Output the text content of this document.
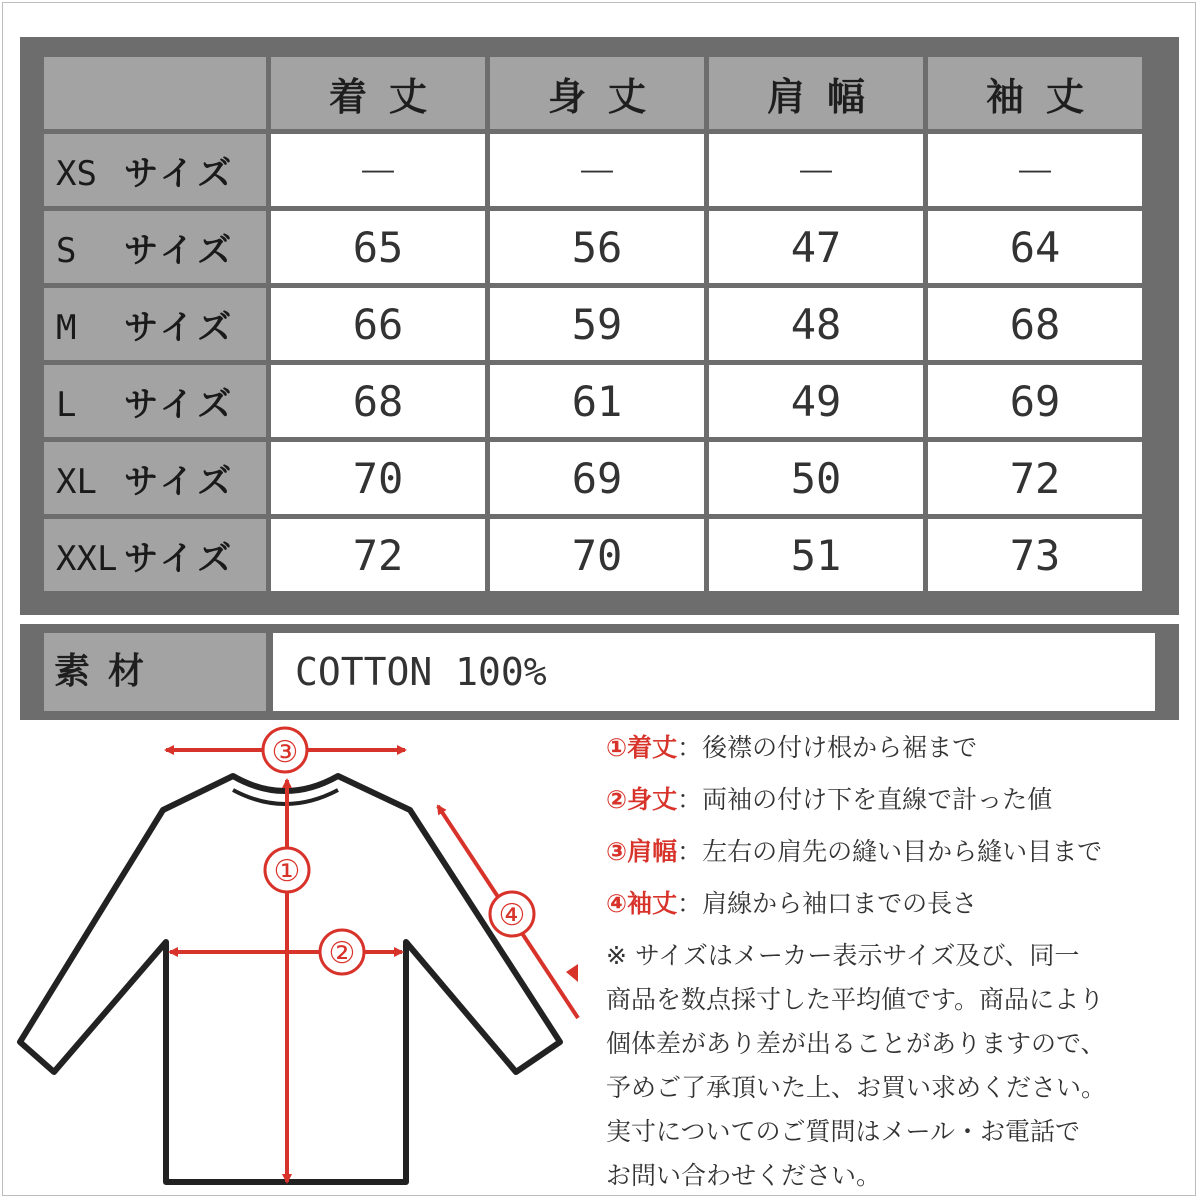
	着丈	身丈	肩幅	袖丈
XS サイズ	－	－	－	－
S サイズ	65	56	47	64
M サイズ	66	59	48	68
L サイズ	68	61	49	69
XL サイズ	70	69	50	72
XXL サイズ	72	70	51	73
素材	COTTON 100%
③
①
②
④
①着丈：後襟の付け根から裾まで
②身丈：両袖の付け下を直線で計った値
③肩幅：左右の肩先の縫い目から縫い目まで
④袖丈：肩線から袖口までの長さ

※ サイズはメーカー表示サイズ及び、同一

商品を数点採寸した平均値です。商品により

個体差があり差が出ることがありますので、

予めご了承頂いた上、お買い求めください。

実寸についてのご質問はメール・お電話で

お問い合わせください。
